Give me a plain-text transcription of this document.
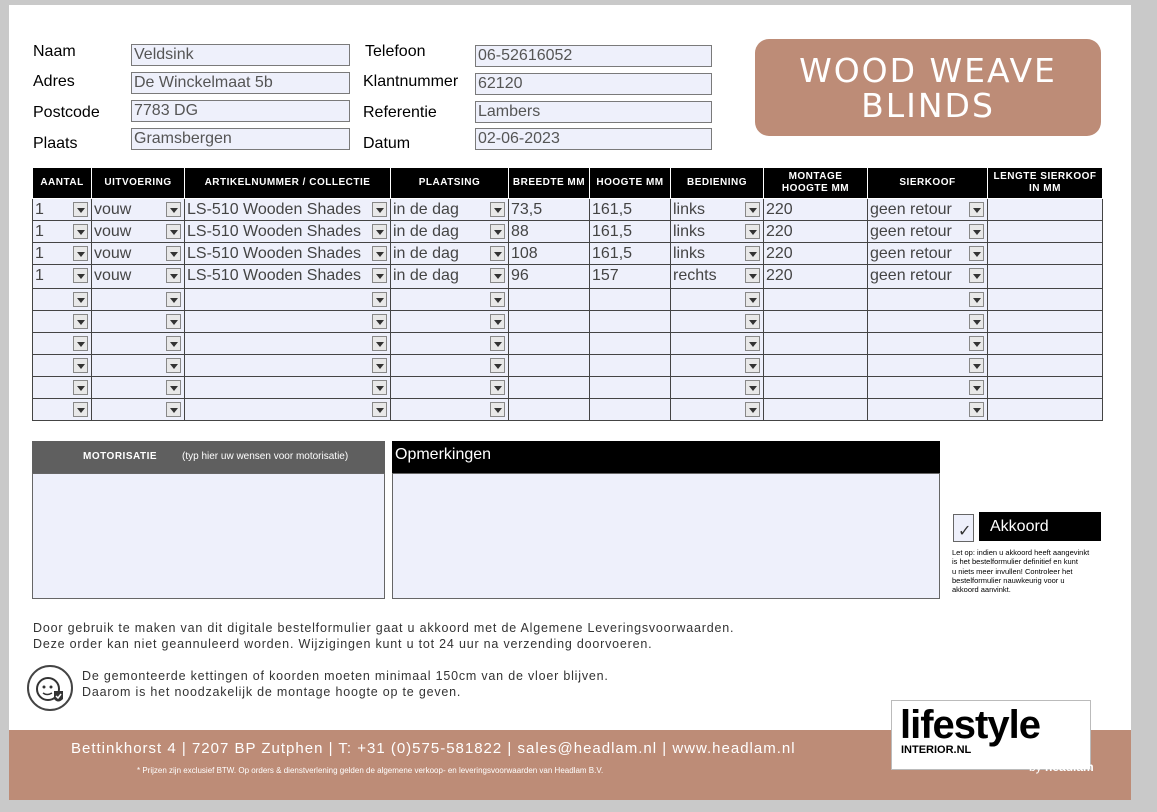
Naam	Veldsink
Adres	De Winckelmaat 5b
Postcode 7783 DG
Plaats	Gramsbergen
Telefoon	06-52616052
Klantnummer 62120
Referentie	Lambers
Datum	02-06-2023
WOOD WEAVE
BLINDS
AANTAL	UITVOERING	ARTIKELNUMMER / COLLECTIE	PLAATSING	BREEDTE MM	HOOGTE MM	BEDIENING	MONTAGE HOOGTE MM	SIERKOOF	LENGTE SIERKOOF IN MM

1	vouw	LS-510 Wooden Shades	in de dag	73,5	161,5	links	220	geen retour	

1	vouw	LS-510 Wooden Shades	in de dag	88	161,5	links	220	geen retour	

1	vouw	LS-510 Wooden Shades	in de dag	108	161,5	links	220	geen retour	

1	vouw	LS-510 Wooden Shades	in de dag	96	157	rechts	220	geen retour	

MOTORISATIE (typ hier uw wensen voor motorisatie)	Opmerkingen
✓ Akkoord
Let op: indien u akkoord heeft aangevinkt
is het bestelformulier definitief en kunt
u niets meer invullen! Controleer het
bestelformulier nauwkeurig voor u
akkoord aanvinkt.
Door gebruik te maken van dit digitale bestelformulier gaat u akkoord met de Algemene Leveringsvoorwaarden.
Deze order kan niet geannuleerd worden. Wijzigingen kunt u tot 24 uur na verzending doorvoeren.
De gemonteerde kettingen of koorden moeten minimaal 150cm van de vloer blijven.
Daarom is het noodzakelijk de montage hoogte op te geven.
Bettinkhorst 4 | 7207 BP Zutphen | T: +31 (0)575-581822 | sales@headlam.nl | www.headlam.nl
* Prijzen zijn exclusief BTW. Op orders & dienstverlening gelden de algemene verkoop- en leveringsvoorwaarden van Headlam B.V.
lifestyle
INTERIOR.NL
by headlam
